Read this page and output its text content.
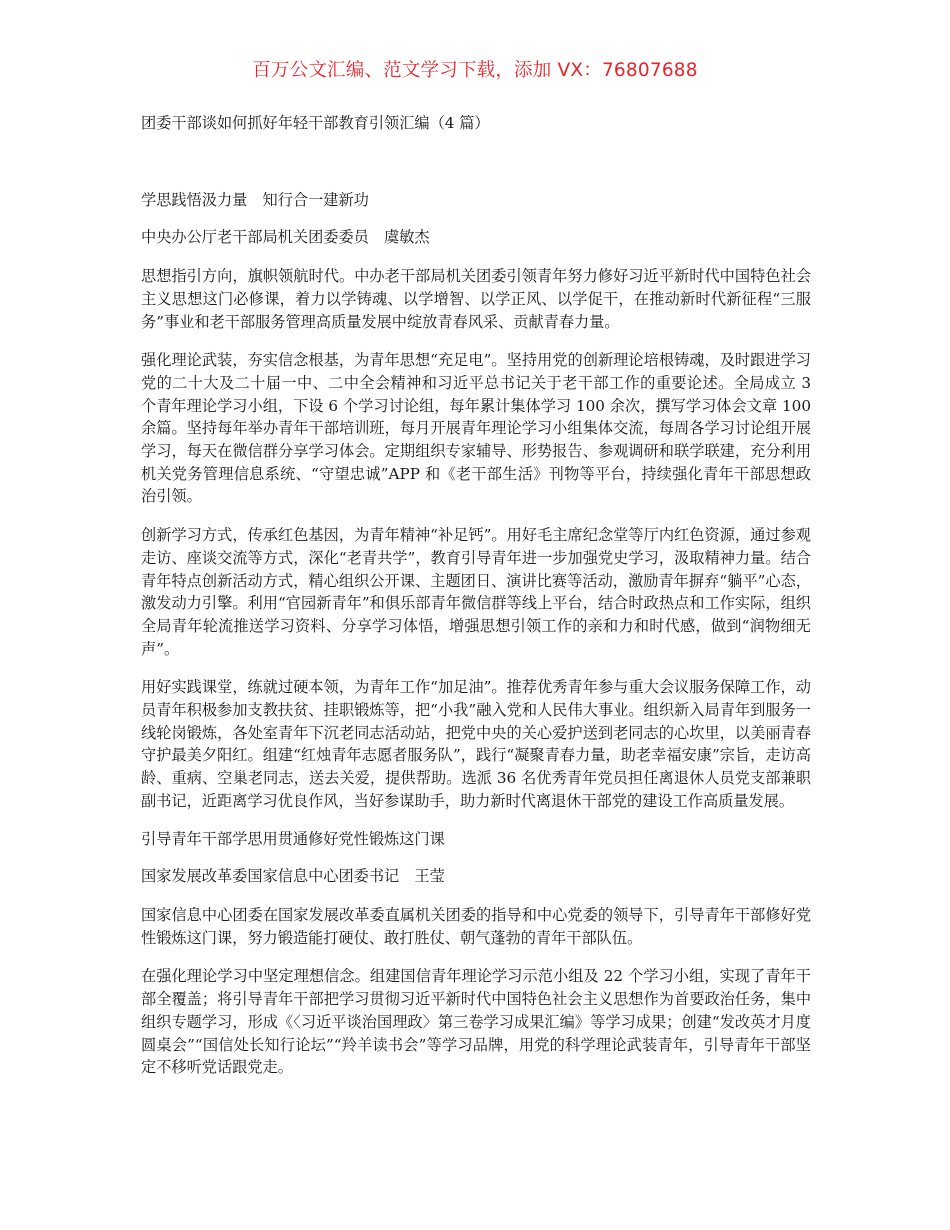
百万公文汇编、范文学习下载，添加 VX：76807688

团委干部谈如何抓好年轻干部教育引领汇编（4 篇）

学思践悟汲力量　知行合一建新功

中央办公厅老干部局机关团委委员　虞敏杰

思想指引方向，旗帜领航时代。中办老干部局机关团委引领青年努力修好习近平新时代中国特色社会主义思想这门必修课，着力以学铸魂、以学增智、以学正风、以学促干，在推动新时代新征程“三服务”事业和老干部服务管理高质量发展中绽放青春风采、贡献青春力量。

强化理论武装，夯实信念根基，为青年思想“充足电”。坚持用党的创新理论培根铸魂，及时跟进学习党的二十大及二十届一中、二中全会精神和习近平总书记关于老干部工作的重要论述。全局成立 3 个青年理论学习小组，下设 6 个学习讨论组，每年累计集体学习 100 余次，撰写学习体会文章 100 余篇。坚持每年举办青年干部培训班，每月开展青年理论学习小组集体交流，每周各学习讨论组开展学习，每天在微信群分享学习体会。定期组织专家辅导、形势报告、参观调研和联学联建，充分利用机关党务管理信息系统、“守望忠诚”APP 和《老干部生活》刊物等平台，持续强化青年干部思想政治引领。

创新学习方式，传承红色基因，为青年精神“补足钙”。用好毛主席纪念堂等厅内红色资源，通过参观走访、座谈交流等方式，深化“老青共学”，教育引导青年进一步加强党史学习，汲取精神力量。结合青年特点创新活动方式，精心组织公开课、主题团日、演讲比赛等活动，激励青年摒弃“躺平”心态，激发动力引擎。利用“官园新青年”和俱乐部青年微信群等线上平台，结合时政热点和工作实际，组织全局青年轮流推送学习资料、分享学习体悟，增强思想引领工作的亲和力和时代感，做到“润物细无声”。

用好实践课堂，练就过硬本领，为青年工作“加足油”。推荐优秀青年参与重大会议服务保障工作，动员青年积极参加支教扶贫、挂职锻炼等，把“小我”融入党和人民伟大事业。组织新入局青年到服务一线轮岗锻炼，各处室青年下沉老同志活动站，把党中央的关心爱护送到老同志的心坎里，以美丽青春守护最美夕阳红。组建“红烛青年志愿者服务队”，践行“凝聚青春力量，助老幸福安康”宗旨，走访高龄、重病、空巢老同志，送去关爱，提供帮助。选派 36 名优秀青年党员担任离退休人员党支部兼职副书记，近距离学习优良作风，当好参谋助手，助力新时代离退休干部党的建设工作高质量发展。

引导青年干部学思用贯通修好党性锻炼这门课

国家发展改革委国家信息中心团委书记　王莹

国家信息中心团委在国家发展改革委直属机关团委的指导和中心党委的领导下，引导青年干部修好党性锻炼这门课，努力锻造能打硬仗、敢打胜仗、朝气蓬勃的青年干部队伍。

在强化理论学习中坚定理想信念。组建国信青年理论学习示范小组及 22 个学习小组，实现了青年干部全覆盖；将引导青年干部把学习贯彻习近平新时代中国特色社会主义思想作为首要政治任务，集中组织专题学习，形成《〈习近平谈治国理政〉第三卷学习成果汇编》等学习成果；创建“发改英才月度圆桌会”“国信处长知行论坛”“羚羊读书会”等学习品牌，用党的科学理论武装青年，引导青年干部坚定不移听党话跟党走。
